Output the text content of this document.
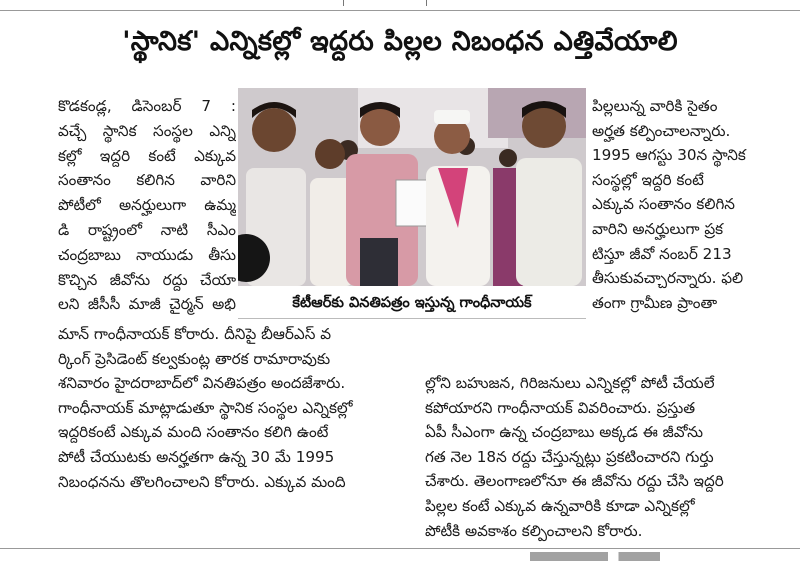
'స్థానిక' ఎన్నికల్లో ఇద్దరు పిల్లల నిబంధన ఎత్తివేయాలి
కొడకండ్ల, డిసెంబర్ 7 :
వచ్చే స్థానిక సంస్థల ఎన్ని
కల్లో ఇద్దరి కంటే ఎక్కువ
సంతానం కలిగిన వారిని
పోటీలో అనర్హులుగా ఉమ్మ
డి రాష్ట్రంలో నాటి సీఎం
చంద్రబాబు నాయుడు తీసు
కొచ్చిన జీవోను రద్దు చేయా
లని జీసీసీ మాజీ చైర్మన్ అభి	కేటీఆర్‌కు వినతిపత్రం ఇస్తున్న గాంధీనాయక్
మాన్ గాంధీనాయక్ కోరారు. దీనిపై బీఆర్ఎస్ వ
ర్కింగ్ ప్రెసిడెంట్ కల్వకుంట్ల తారక రామారావుకు
శనివారం హైదరాబాద్‌లో వినతిపత్రం అందజేశారు.
గాంధీనాయక్ మాట్లాడుతూ స్థానిక సంస్థల ఎన్నికల్లో
ఇద్దరికంటే ఎక్కువ మంది సంతానం కలిగి ఉంటే
పోటీ చేయుటకు అనర్హతగా ఉన్న 30 మే 1995
నిబంధనను తొలగించాలని కోరారు. ఎక్కువ మంది
పిల్లలున్న వారికి సైతం
అర్హత కల్పించాలన్నారు.
1995 ఆగస్టు 30న స్థానిక
సంస్థల్లో ఇద్దరి కంటే
ఎక్కువ సంతానం కలిగిన
వారిని అనర్హులుగా ప్రక
టిస్తూ జీవో నంబర్ 213
తీసుకువచ్చారన్నారు. ఫలి
తంగా గ్రామీణ ప్రాంతా
ల్లోని బహుజన, గిరిజనులు ఎన్నికల్లో పోటీ చేయలే
కపోయారని గాంధీనాయక్ వివరించారు. ప్రస్తుత
ఏపీ సీఎంగా ఉన్న చంద్రబాబు అక్కడ ఈ జీవోను
గత నెల 18న రద్దు చేస్తున్నట్లు ప్రకటించారని గుర్తు
చేశారు. తెలంగాణలోనూ ఈ జీవోను రద్దు చేసి ఇద్దరి
పిల్లల కంటే ఎక్కువ ఉన్నవారికి కూడా ఎన్నికల్లో
పోటీకి అవకాశం కల్పించాలని కోరారు.
